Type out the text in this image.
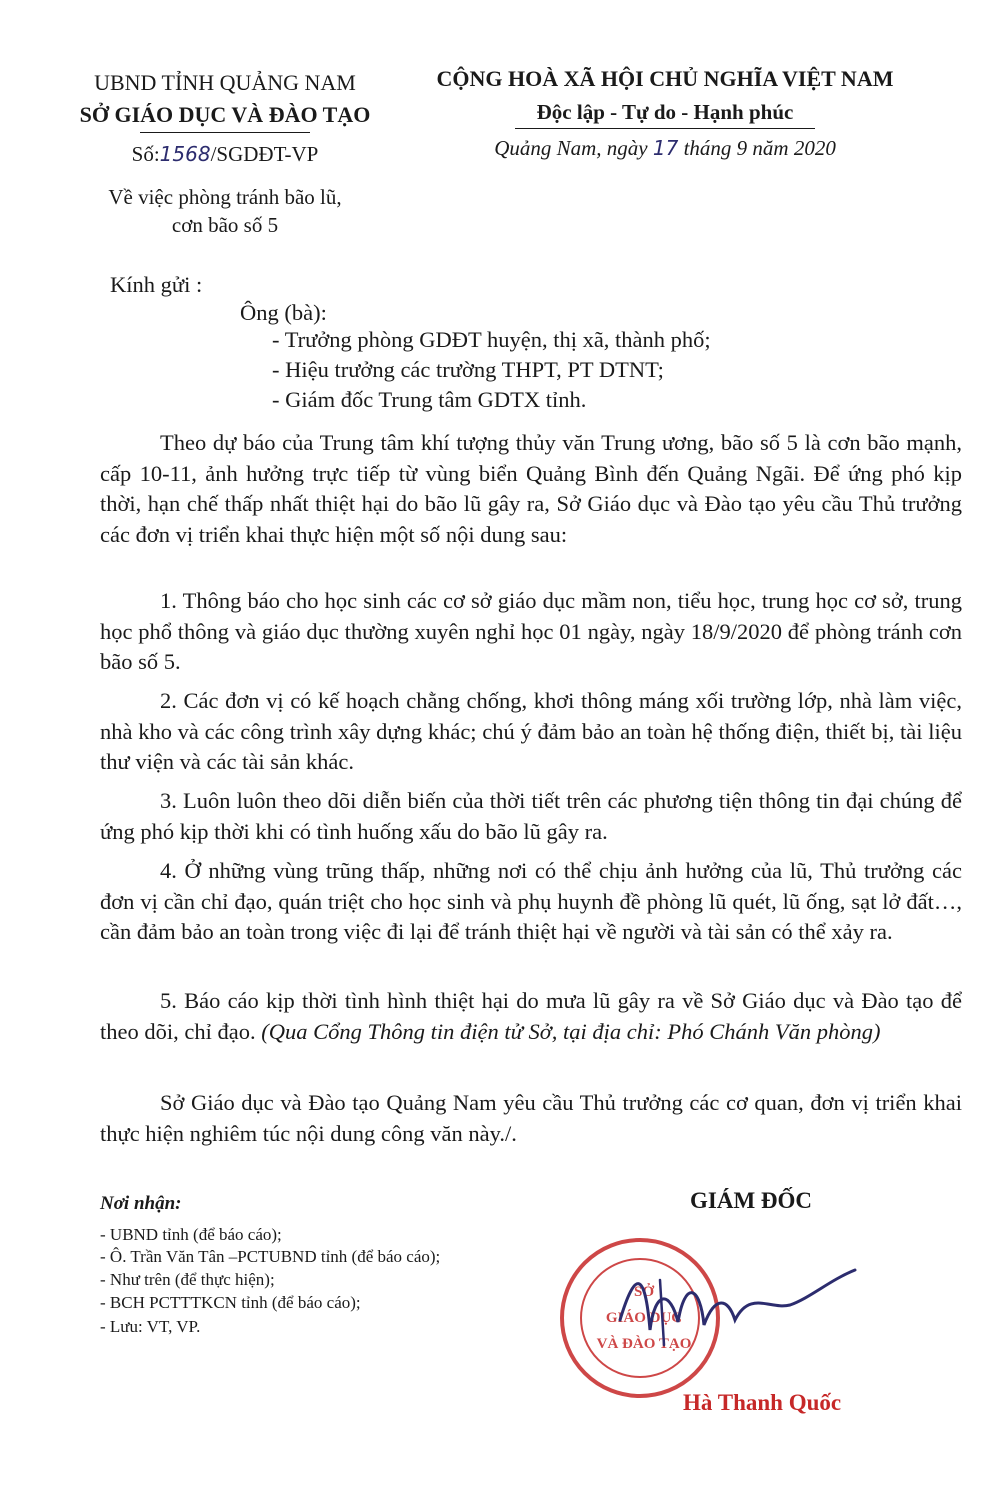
UBND TỈNH QUẢNG NAM
SỞ GIÁO DỤC VÀ ĐÀO TẠO
Số:1568/SGDĐT-VP
Về việc phòng tránh bão lũ,
cơn bão số 5
CỘNG HOÀ XÃ HỘI CHỦ NGHĨA VIỆT NAM
Độc lập - Tự do - Hạnh phúc
Quảng Nam, ngày 17 tháng 9 năm 2020
Kính gửi :
Ông (bà):
- Trưởng phòng GDĐT huyện, thị xã, thành phố;
- Hiệu trưởng các trường THPT, PT DTNT;
- Giám đốc Trung tâm GDTX tỉnh.
Theo dự báo của Trung tâm khí tượng thủy văn Trung ương, bão số 5 là cơn bão mạnh, cấp 10-11, ảnh hưởng trực tiếp từ vùng biển Quảng Bình đến Quảng Ngãi. Để ứng phó kịp thời, hạn chế thấp nhất thiệt hại do bão lũ gây ra, Sở Giáo dục và Đào tạo yêu cầu Thủ trưởng các đơn vị triển khai thực hiện một số nội dung sau:
1. Thông báo cho học sinh các cơ sở giáo dục mầm non, tiểu học, trung học cơ sở, trung học phổ thông và giáo dục thường xuyên nghỉ học 01 ngày, ngày 18/9/2020 để phòng tránh cơn bão số 5.
2. Các đơn vị có kế hoạch chằng chống, khơi thông máng xối trường lớp, nhà làm việc, nhà kho và các công trình xây dựng khác; chú ý đảm bảo an toàn hệ thống điện, thiết bị, tài liệu thư viện và các tài sản khác.
3. Luôn luôn theo dõi diễn biến của thời tiết trên các phương tiện thông tin đại chúng để ứng phó kịp thời khi có tình huống xấu do bão lũ gây ra.
4. Ở những vùng trũng thấp, những nơi có thể chịu ảnh hưởng của lũ, Thủ trưởng các đơn vị cần chỉ đạo, quán triệt cho học sinh và phụ huynh đề phòng lũ quét, lũ ống, sạt lở đất…, cần đảm bảo an toàn trong việc đi lại để tránh thiệt hại về người và tài sản có thể xảy ra.
5. Báo cáo kịp thời tình hình thiệt hại do mưa lũ gây ra về Sở Giáo dục và Đào tạo để theo dõi, chỉ đạo. (Qua Cổng Thông tin điện tử Sở, tại địa chỉ: Phó Chánh Văn phòng)
Sở Giáo dục và Đào tạo Quảng Nam yêu cầu Thủ trưởng các cơ quan, đơn vị triển khai thực hiện nghiêm túc nội dung công văn này./.
Nơi nhận:
- UBND tỉnh (để báo cáo);
- Ô. Trần Văn Tân –PCTUBND tỉnh (để báo cáo);
- Như trên (để thực hiện);
- BCH PCTTTKCN tỉnh (để báo cáo);
- Lưu: VT, VP.
GIÁM ĐỐC
SỞ
GIÁO DỤC
VÀ ĐÀO TẠO
Hà Thanh Quốc
